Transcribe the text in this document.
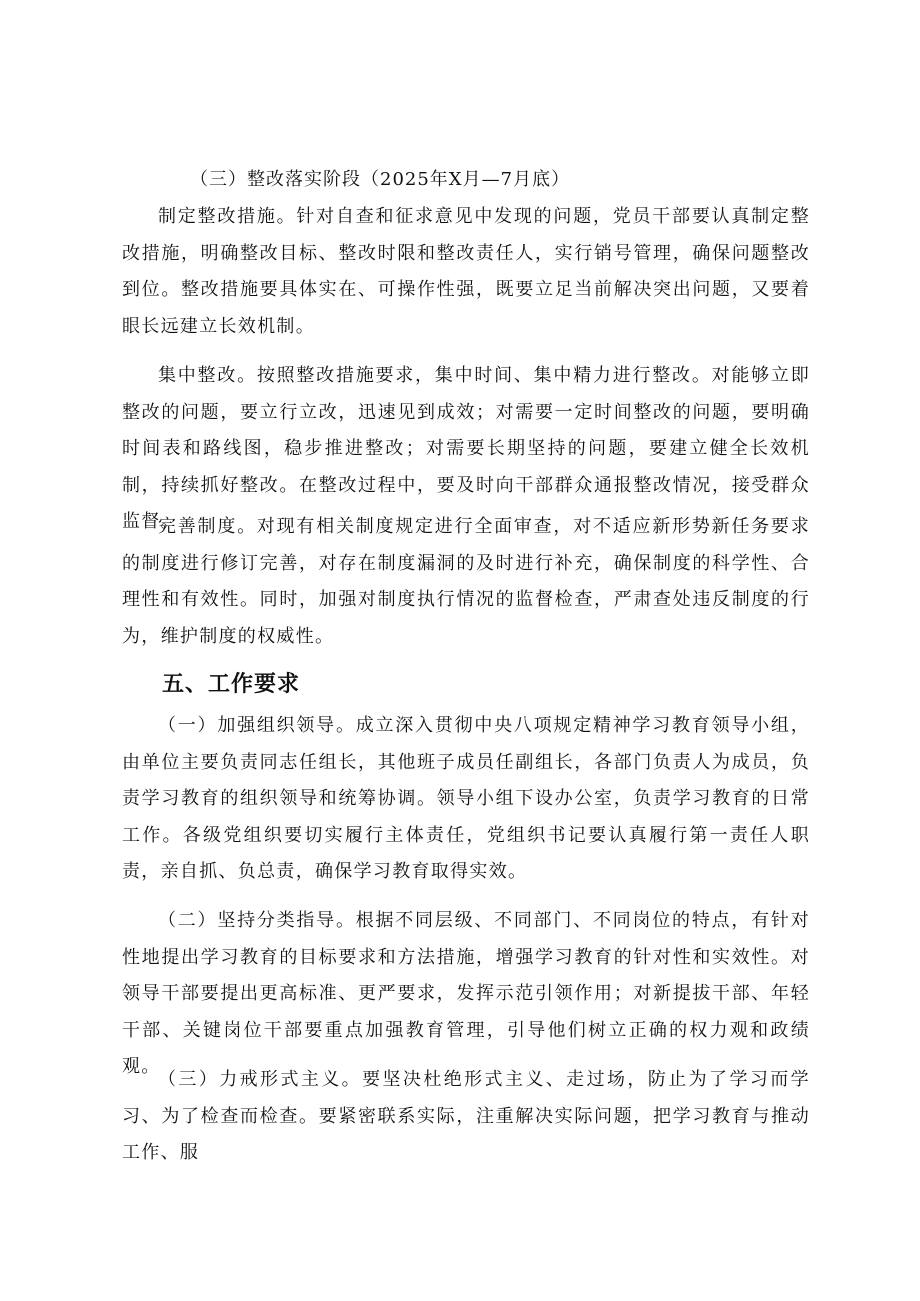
（三）整改落实阶段（2025年X月—7月底）

制定整改措施。针对自查和征求意见中发现的问题，党员干部要认真制定整改措施，明确整改目标、整改时限和整改责任人，实行销号管理，确保问题整改到位。整改措施要具体实在、可操作性强，既要立足当前解决突出问题，又要着眼长远建立长效机制。

集中整改。按照整改措施要求，集中时间、集中精力进行整改。对能够立即整改的问题，要立行立改，迅速见到成效；对需要一定时间整改的问题，要明确时间表和路线图，稳步推进整改；对需要长期坚持的问题，要建立健全长效机制，持续抓好整改。在整改过程中，要及时向干部群众通报整改情况，接受群众监督。

完善制度。对现有相关制度规定进行全面审查，对不适应新形势新任务要求的制度进行修订完善，对存在制度漏洞的及时进行补充，确保制度的科学性、合理性和有效性。同时，加强对制度执行情况的监督检查，严肃查处违反制度的行为，维护制度的权威性。

五、工作要求

（一）加强组织领导。成立深入贯彻中央八项规定精神学习教育领导小组，由单位主要负责同志任组长，其他班子成员任副组长，各部门负责人为成员，负责学习教育的组织领导和统筹协调。领导小组下设办公室，负责学习教育的日常工作。各级党组织要切实履行主体责任，党组织书记要认真履行第一责任人职责，亲自抓、负总责，确保学习教育取得实效。

（二）坚持分类指导。根据不同层级、不同部门、不同岗位的特点，有针对性地提出学习教育的目标要求和方法措施，增强学习教育的针对性和实效性。对领导干部要提出更高标准、更严要求，发挥示范引领作用；对新提拔干部、年轻干部、关键岗位干部要重点加强教育管理，引导他们树立正确的权力观和政绩观。

（三）力戒形式主义。要坚决杜绝形式主义、走过场，防止为了学习而学习、为了检查而检查。要紧密联系实际，注重解决实际问题，把学习教育与推动工作、服
